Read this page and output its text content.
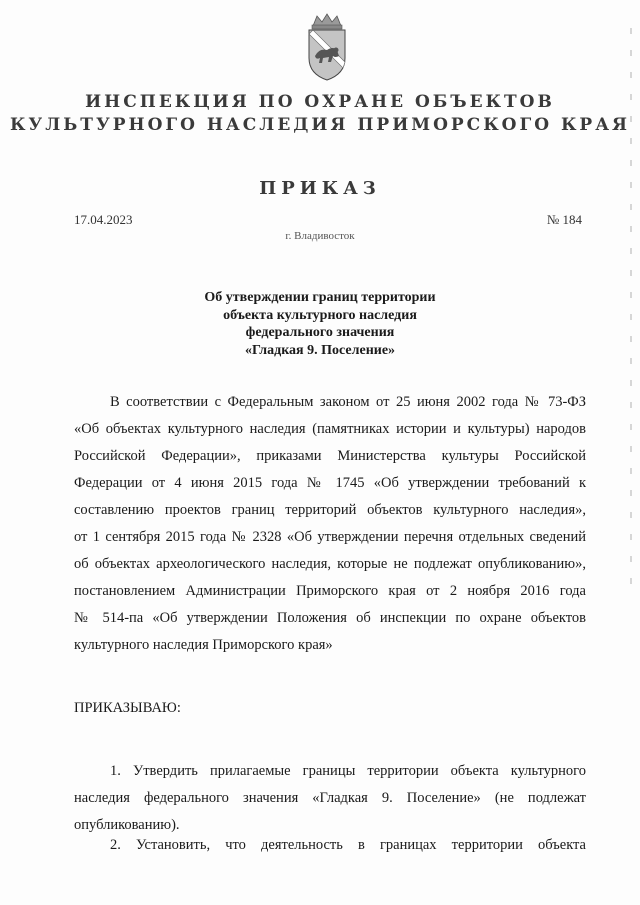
ИНСПЕКЦИЯ ПО ОХРАНЕ ОБЪЕКТОВ
КУЛЬТУРНОГО НАСЛЕДИЯ ПРИМОРСКОГО КРАЯ
ПРИКАЗ
17.04.2023	№ 184
г. Владивосток
Об утверждении границ территории
объекта культурного наследия
федерального значения
«Гладкая 9. Поселение»
В соответствии с Федеральным законом от 25 июня 2002 года № 73-ФЗ
«Об объектах культурного наследия (памятниках истории и культуры) народов
Российской Федерации», приказами Министерства культуры Российской
Федерации от 4 июня 2015 года № 1745 «Об утверждении требований к
составлению проектов границ территорий объектов культурного наследия»,
от 1 сентября 2015 года № 2328 «Об утверждении перечня отдельных сведений
об объектах археологического наследия, которые не подлежат опубликованию»,
постановлением Администрации Приморского края от 2 ноября 2016 года
№ 514-па «Об утверждении Положения об инспекции по охране объектов
культурного наследия Приморского края»
ПРИКАЗЫВАЮ:
1. Утвердить прилагаемые границы территории объекта культурного
наследия федерального значения «Гладкая 9. Поселение» (не подлежат
опубликованию).
2. Установить, что деятельность в границах территории объекта
